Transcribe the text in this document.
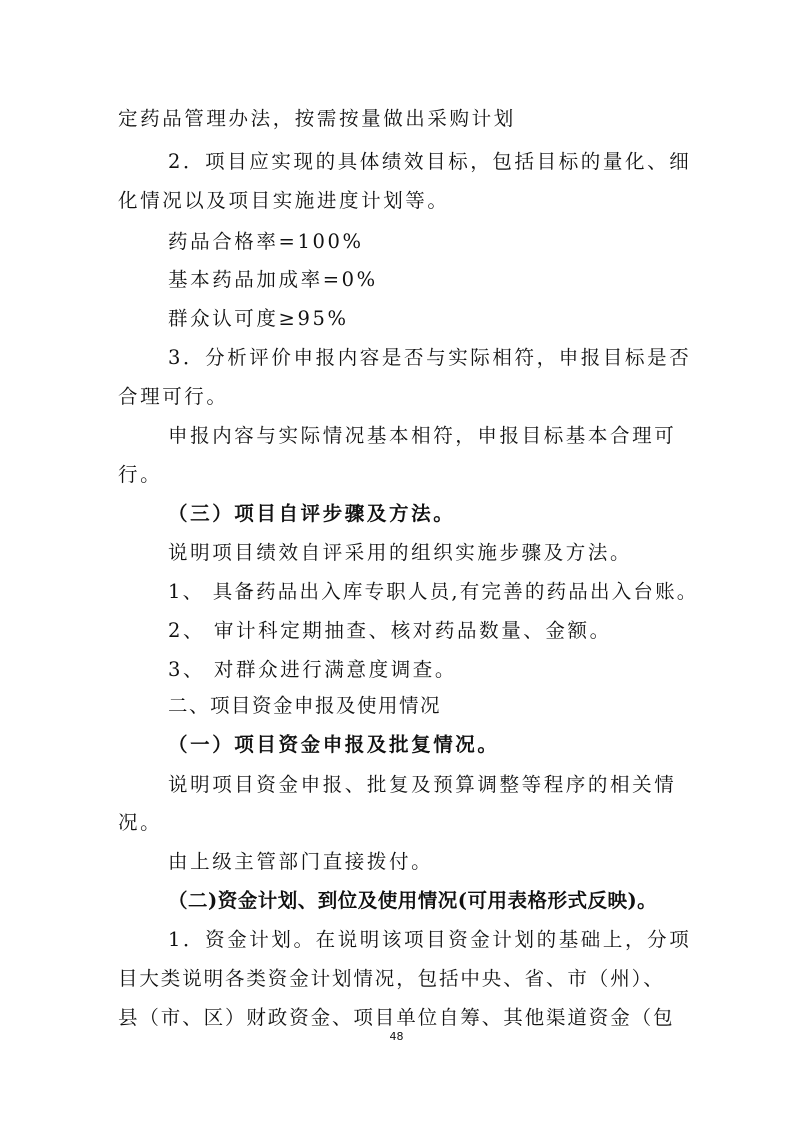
定药品管理办法，按需按量做出采购计划
2．项目应实现的具体绩效目标，包括目标的量化、细
化情况以及项目实施进度计划等。
药品合格率=100%
基本药品加成率=0%
群众认可度≥95%
3．分析评价申报内容是否与实际相符，申报目标是否
合理可行。
申报内容与实际情况基本相符，申报目标基本合理可
行。
（三）项目自评步骤及方法。
说明项目绩效自评采用的组织实施步骤及方法。
1、 具备药品出入库专职人员,有完善的药品出入台账。
2、 审计科定期抽查、核对药品数量、金额。
3、 对群众进行满意度调查。
二、项目资金申报及使用情况
（一）项目资金申报及批复情况。
说明项目资金申报、批复及预算调整等程序的相关情
况。
由上级主管部门直接拨付。
（二)资金计划、到位及使用情况(可用表格形式反映)。
1．资金计划。在说明该项目资金计划的基础上，分项
目大类说明各类资金计划情况，包括中央、省、市（州）、
县（市、区）财政资金、项目单位自筹、其他渠道资金（包
48
